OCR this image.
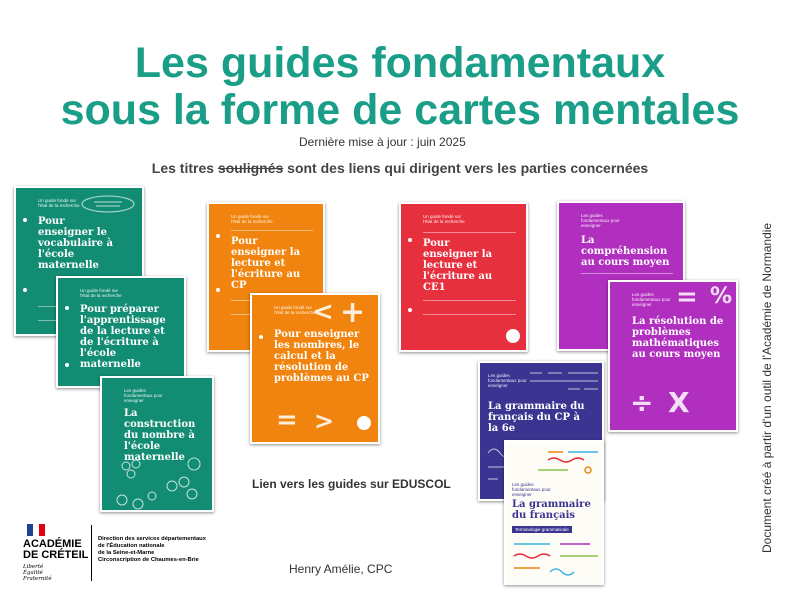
Les guides fondamentaux
sous la forme de cartes mentales
Dernière mise à jour : juin 2025
Les titres soulignés sont des liens qui dirigent vers les parties concernées
Un guide fondé sur l'état de la recherche
Pour enseigner le vocabulaire à l'école maternelle
Un guide fondé sur l'état de la recherche
Pour préparer l'apprentissage de la lecture et de l'écriture à l'école maternelle
Les guides fondamentaux pour enseigner
La construction du nombre à l'école maternelle
Un guide fondé sur l'état de la recherche
Pour enseigner la lecture et l'écriture au CP
Un guide fondé sur l'état de la recherche
Pour enseigner les nombres, le calcul et la résolution de problèmes au CP
< +
= >
Un guide fondé sur l'état de la recherche
Pour enseigner la lecture et l'écriture au CE1
Les guides fondamentaux pour enseigner
La compréhension au cours moyen
Les guides fondamentaux pour enseigner = %
La résolution de problèmes mathématiques au cours moyen
÷ X
Les guides fondamentaux pour enseigner
La grammaire du français du CP à la 6e
Les guides fondamentaux pour enseigner
La grammaire du français
Terminologie grammaticale
Lien vers les guides sur EDUSCOL
Henry Amélie, CPC
Document créé à partir d'un outil de l'Académie de Normandie
ACADÉMIE
DE CRÉTEIL
Liberté
Égalité
Fraternité
Direction des services départementaux
de l'Éducation nationale
de la Seine-et-Marne
Circonscription de Chaumes-en-Brie
